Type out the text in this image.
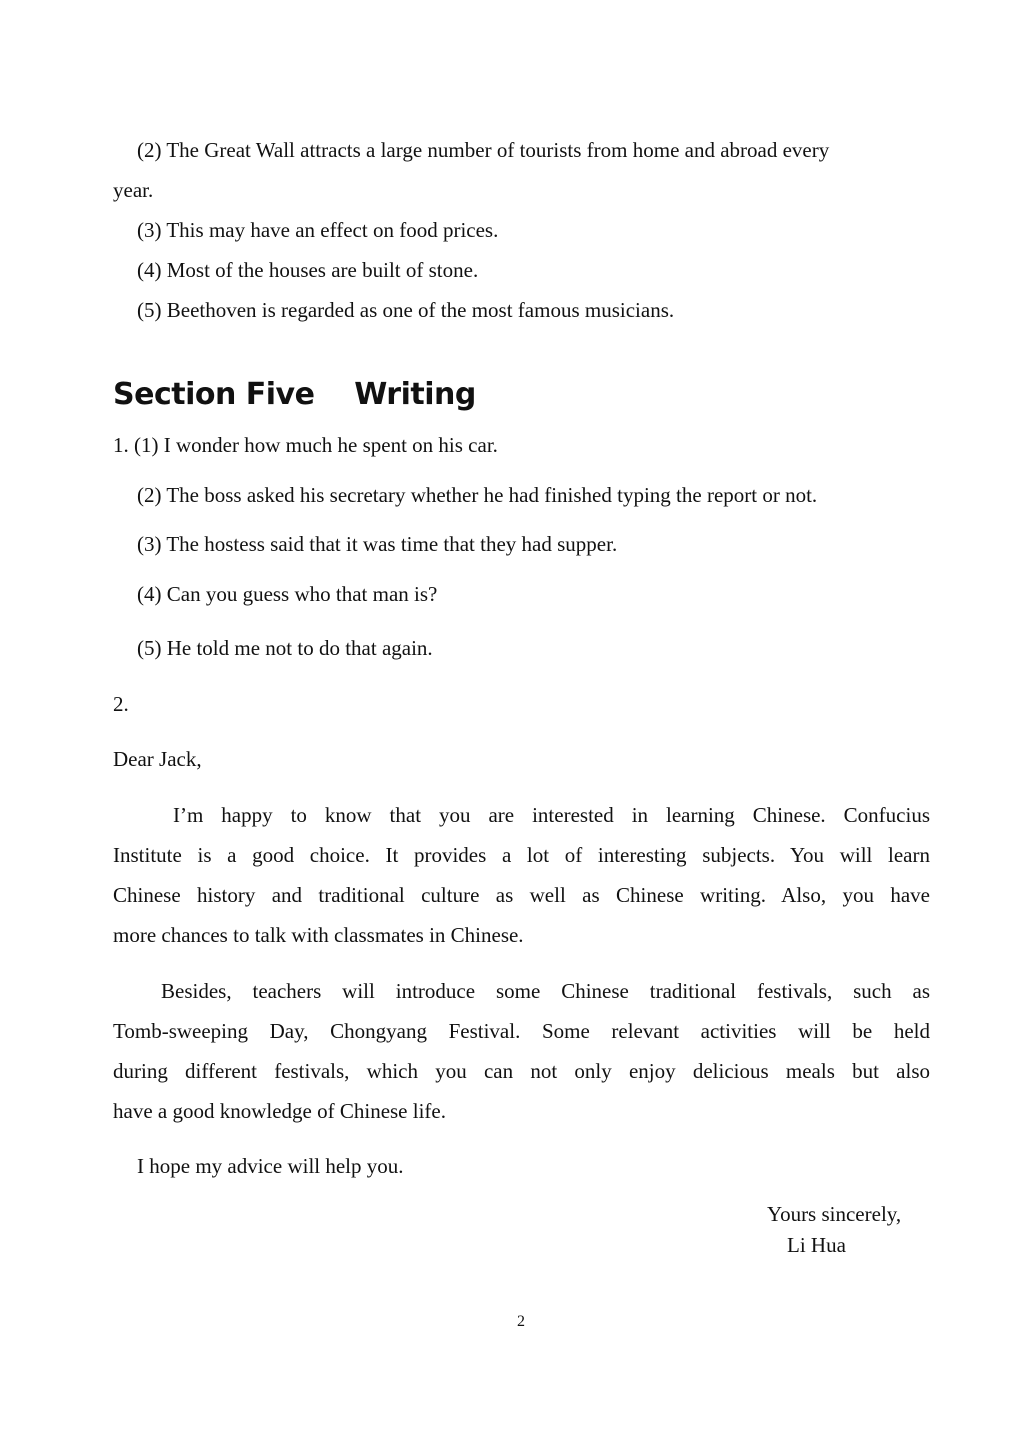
(2) The Great Wall attracts a large number of tourists from home and abroad every
year.
(3) This may have an effect on food prices.
(4) Most of the houses are built of stone.
(5) Beethoven is regarded as one of the most famous musicians.
Section Five    Writing
1. (1) I wonder how much he spent on his car.
(2) The boss asked his secretary whether he had finished typing the report or not.
(3) The hostess said that it was time that they had supper.
(4) Can you guess who that man is?
(5) He told me not to do that again.
2.
Dear Jack,
I’m happy to know that you are interested in learning Chinese. Confucius
Institute is a good choice. It provides a lot of interesting subjects. You will learn
Chinese history and traditional culture as well as Chinese writing. Also, you have
more chances to talk with classmates in Chinese.
Besides, teachers will introduce some Chinese traditional festivals, such as
Tomb-sweeping Day, Chongyang Festival. Some relevant activities will be held
during different festivals, which you can not only enjoy delicious meals but also
have a good knowledge of Chinese life.
I hope my advice will help you.
Yours sincerely,
Li Hua
2
